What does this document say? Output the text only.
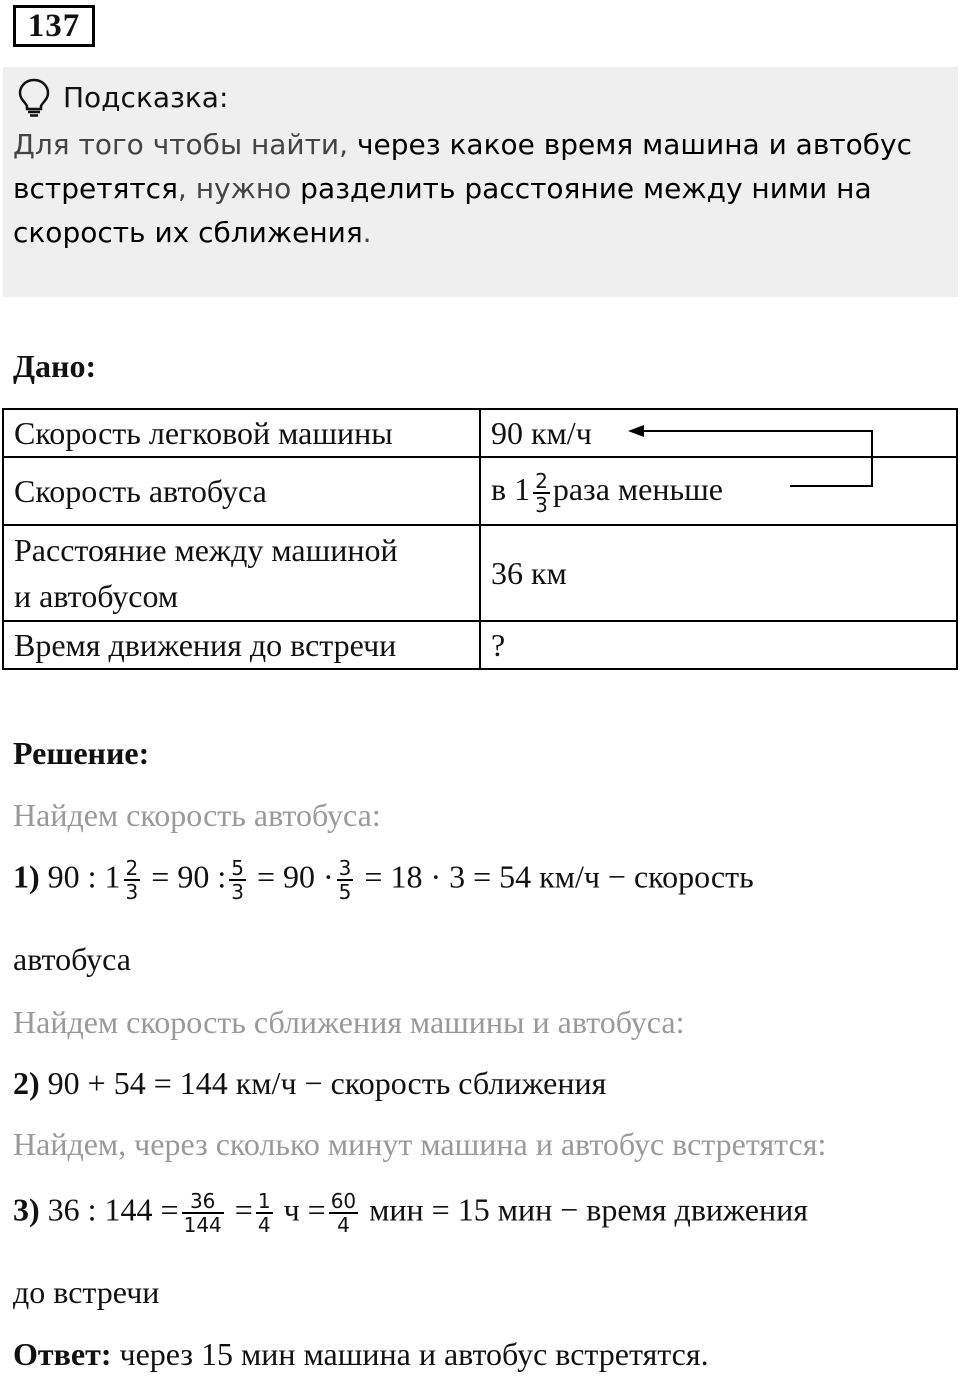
137
Подсказка:
Для того чтобы найти, через какое время машина и автобус встретятся, нужно разделить расстояние между ними на скорость их сближения.
Дано:
Скорость легковой машины	90 км/ч
Скорость автобуса	в $1 \frac{2}{3}$ раза меньше

Расстояние между машиной
и автобусом	36 км
Время движения до встречи	?
Решение:
Найдем скорость автобуса:
1) 90 : $1 \frac{2}{3} = 90$ : $\frac{5}{3} = 90 \cdot \frac{3}{5} = 18 \cdot 3 = 54$ км/ч − скорость
автобуса
Найдем скорость сближения машины и автобуса:
2) 90 + 54 = 144 км/ч − скорость сближения
Найдем, через сколько минут машина и автобус встретятся:
3) 36 : $144 = \frac{36}{144} = \frac{1}{4}$ $ч = \frac{60}{4}$ мин = 15 мин − время движения
до встречи
Ответ: через 15 мин машина и автобус встретятся.
